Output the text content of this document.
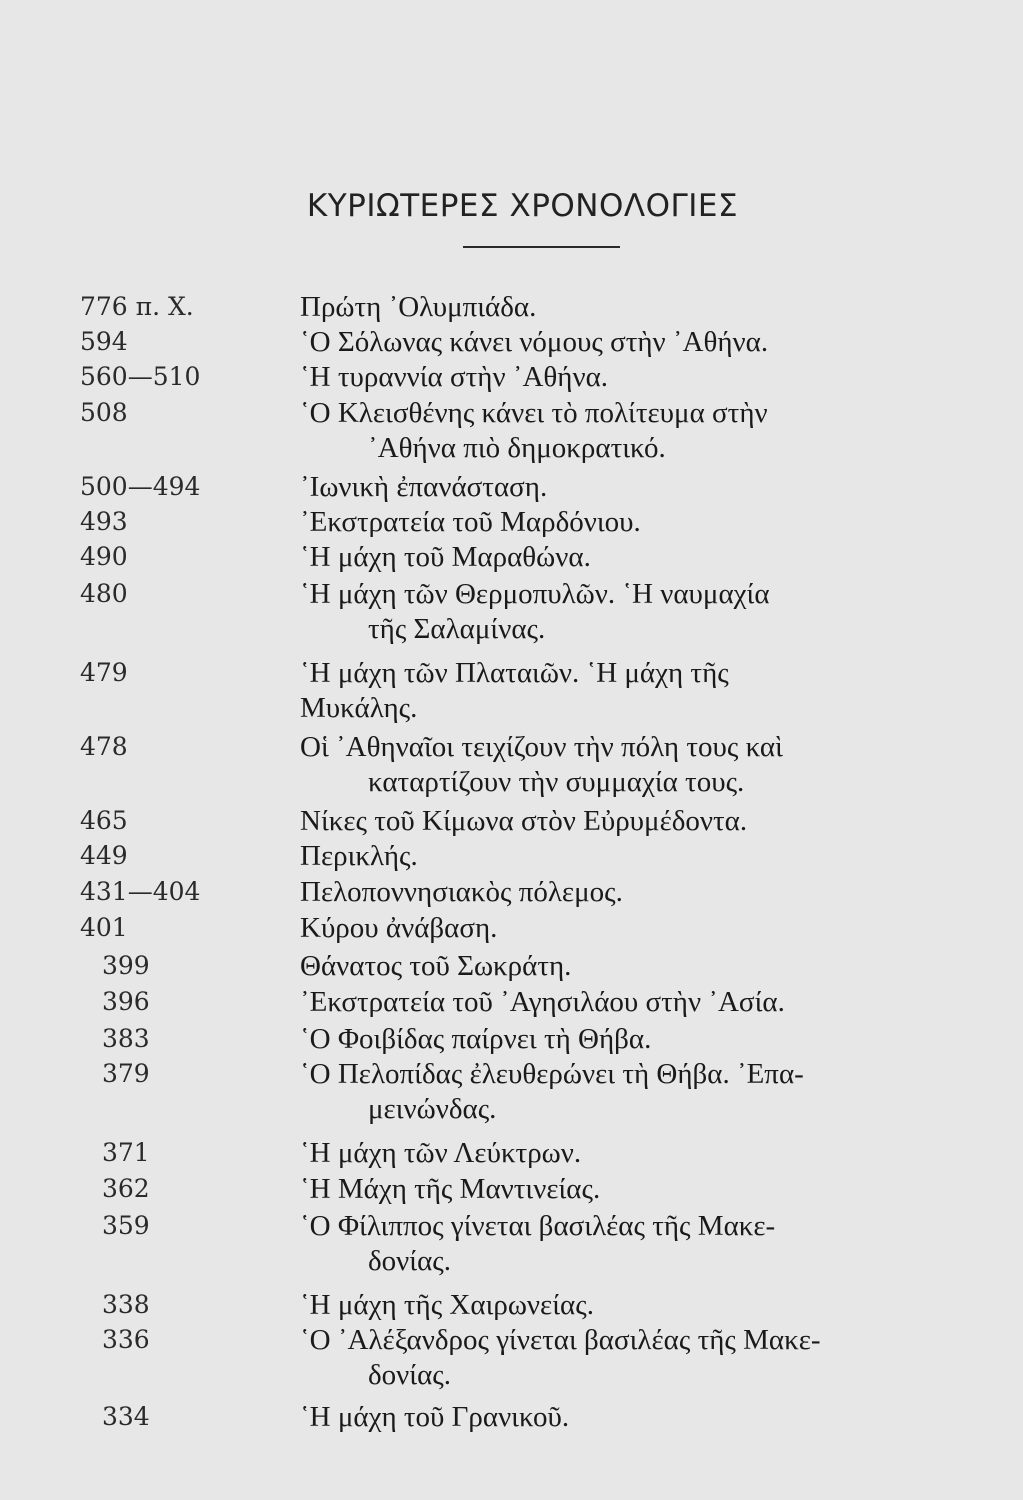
ΚΥΡΙΩΤΕΡΕΣ ΧΡΟΝΟΛΟΓΙΕΣ
776 π. Χ.	Πρώτη ᾿Ολυμπιάδα.
594	῾Ο Σόλωνας κάνει νόμους στὴν ᾿Αθήνα.
560—510	῾Η τυραννία στὴν ᾿Αθήνα.
508	῾Ο Κλεισθένης κάνει τὸ πολίτευμα στὴν
᾿Αθήνα πιὸ δημοκρατικό.
500—494	᾿Ιωνικὴ ἐπανάσταση.
493	᾿Εκστρατεία τοῦ Μαρδόνιου.
490	῾Η μάχη τοῦ Μαραθώνα.
480	῾Η μάχη τῶν Θερμοπυλῶν. ῾Η ναυμαχία
τῆς Σαλαμίνας.
479	῾Η μάχη τῶν Πλαταιῶν. ῾Η μάχη τῆς
Μυκάλης.
478	Οἱ ᾿Αθηναῖοι τειχίζουν τὴν πόλη τους καὶ
καταρτίζουν τὴν συμμαχία τους.
465	Νίκες τοῦ Κίμωνα στὸν Εὐρυμέδοντα.
449	Περικλής.
431—404	Πελοποννησιακὸς πόλεμος.
401	Κύρου ἀνάβαση.
399	Θάνατος τοῦ Σωκράτη.
396	᾿Εκστρατεία τοῦ ᾿Αγησιλάου στὴν ᾿Ασία.
383	῾Ο Φοιβίδας παίρνει τὴ Θήβα.
379	῾Ο Πελοπίδας ἐλευθερώνει τὴ Θήβα. ᾿Επα-
μεινώνδας.
371	῾Η μάχη τῶν Λεύκτρων.
362	῾Η Μάχη τῆς Μαντινείας.
359	῾Ο Φίλιππος γίνεται βασιλέας τῆς Μακε-
δονίας.
338	῾Η μάχη τῆς Χαιρωνείας.
336	῾Ο ᾿Αλέξανδρος γίνεται βασιλέας τῆς Μακε-
δονίας.
334	῾Η μάχη τοῦ Γρανικοῦ.
